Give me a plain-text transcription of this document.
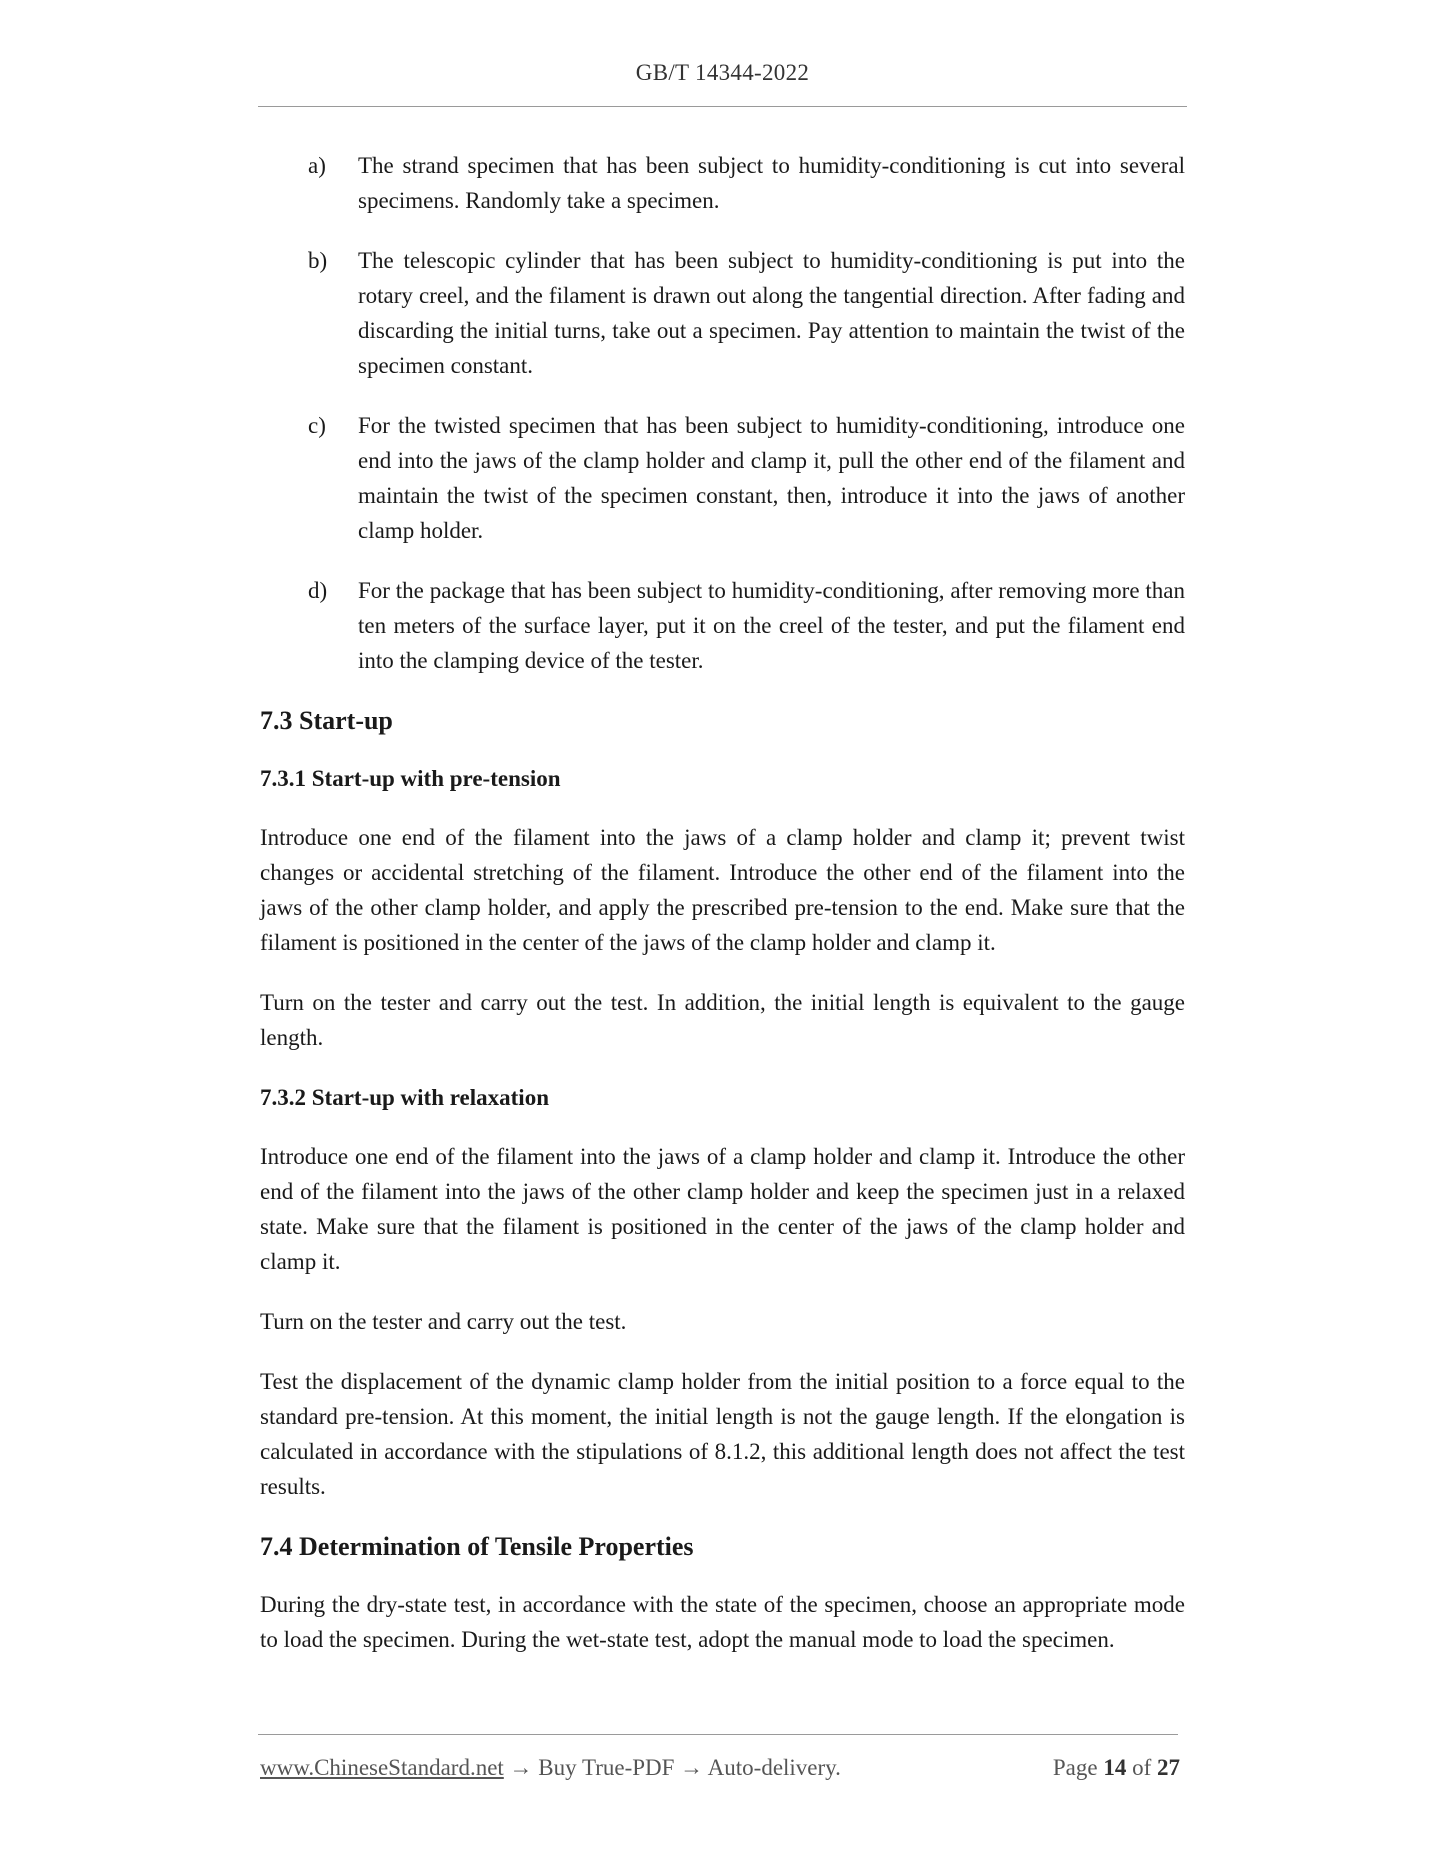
GB/T 14344-2022
a)	The strand specimen that has been subject to humidity-conditioning is cut into several specimens. Randomly take a specimen.
b)	The telescopic cylinder that has been subject to humidity-conditioning is put into the rotary creel, and the filament is drawn out along the tangential direction. After fading and discarding the initial turns, take out a specimen. Pay attention to maintain the twist of the specimen constant.
c)	For the twisted specimen that has been subject to humidity-conditioning, introduce one end into the jaws of the clamp holder and clamp it, pull the other end of the filament and maintain the twist of the specimen constant, then, introduce it into the jaws of another clamp holder.
d)	For the package that has been subject to humidity-conditioning, after removing more than ten meters of the surface layer, put it on the creel of the tester, and put the filament end into the clamping device of the tester.
7.3 Start-up
7.3.1 Start-up with pre-tension

Introduce one end of the filament into the jaws of a clamp holder and clamp it; prevent twist changes or accidental stretching of the filament. Introduce the other end of the filament into the jaws of the other clamp holder, and apply the prescribed pre-tension to the end. Make sure that the filament is positioned in the center of the jaws of the clamp holder and clamp it.

Turn on the tester and carry out the test. In addition, the initial length is equivalent to the gauge length.

7.3.2 Start-up with relaxation

Introduce one end of the filament into the jaws of a clamp holder and clamp it. Introduce the other end of the filament into the jaws of the other clamp holder and keep the specimen just in a relaxed state. Make sure that the filament is positioned in the center of the jaws of the clamp holder and clamp it.

Turn on the tester and carry out the test.

Test the displacement of the dynamic clamp holder from the initial position to a force equal to the standard pre-tension. At this moment, the initial length is not the gauge length. If the elongation is calculated in accordance with the stipulations of 8.1.2, this additional length does not affect the test results.

7.4 Determination of Tensile Properties

During the dry-state test, in accordance with the state of the specimen, choose an appropriate mode to load the specimen. During the wet-state test, adopt the manual mode to load the specimen.

www.ChineseStandard.net → Buy True-PDF → Auto-delivery.	Page 14 of 27
